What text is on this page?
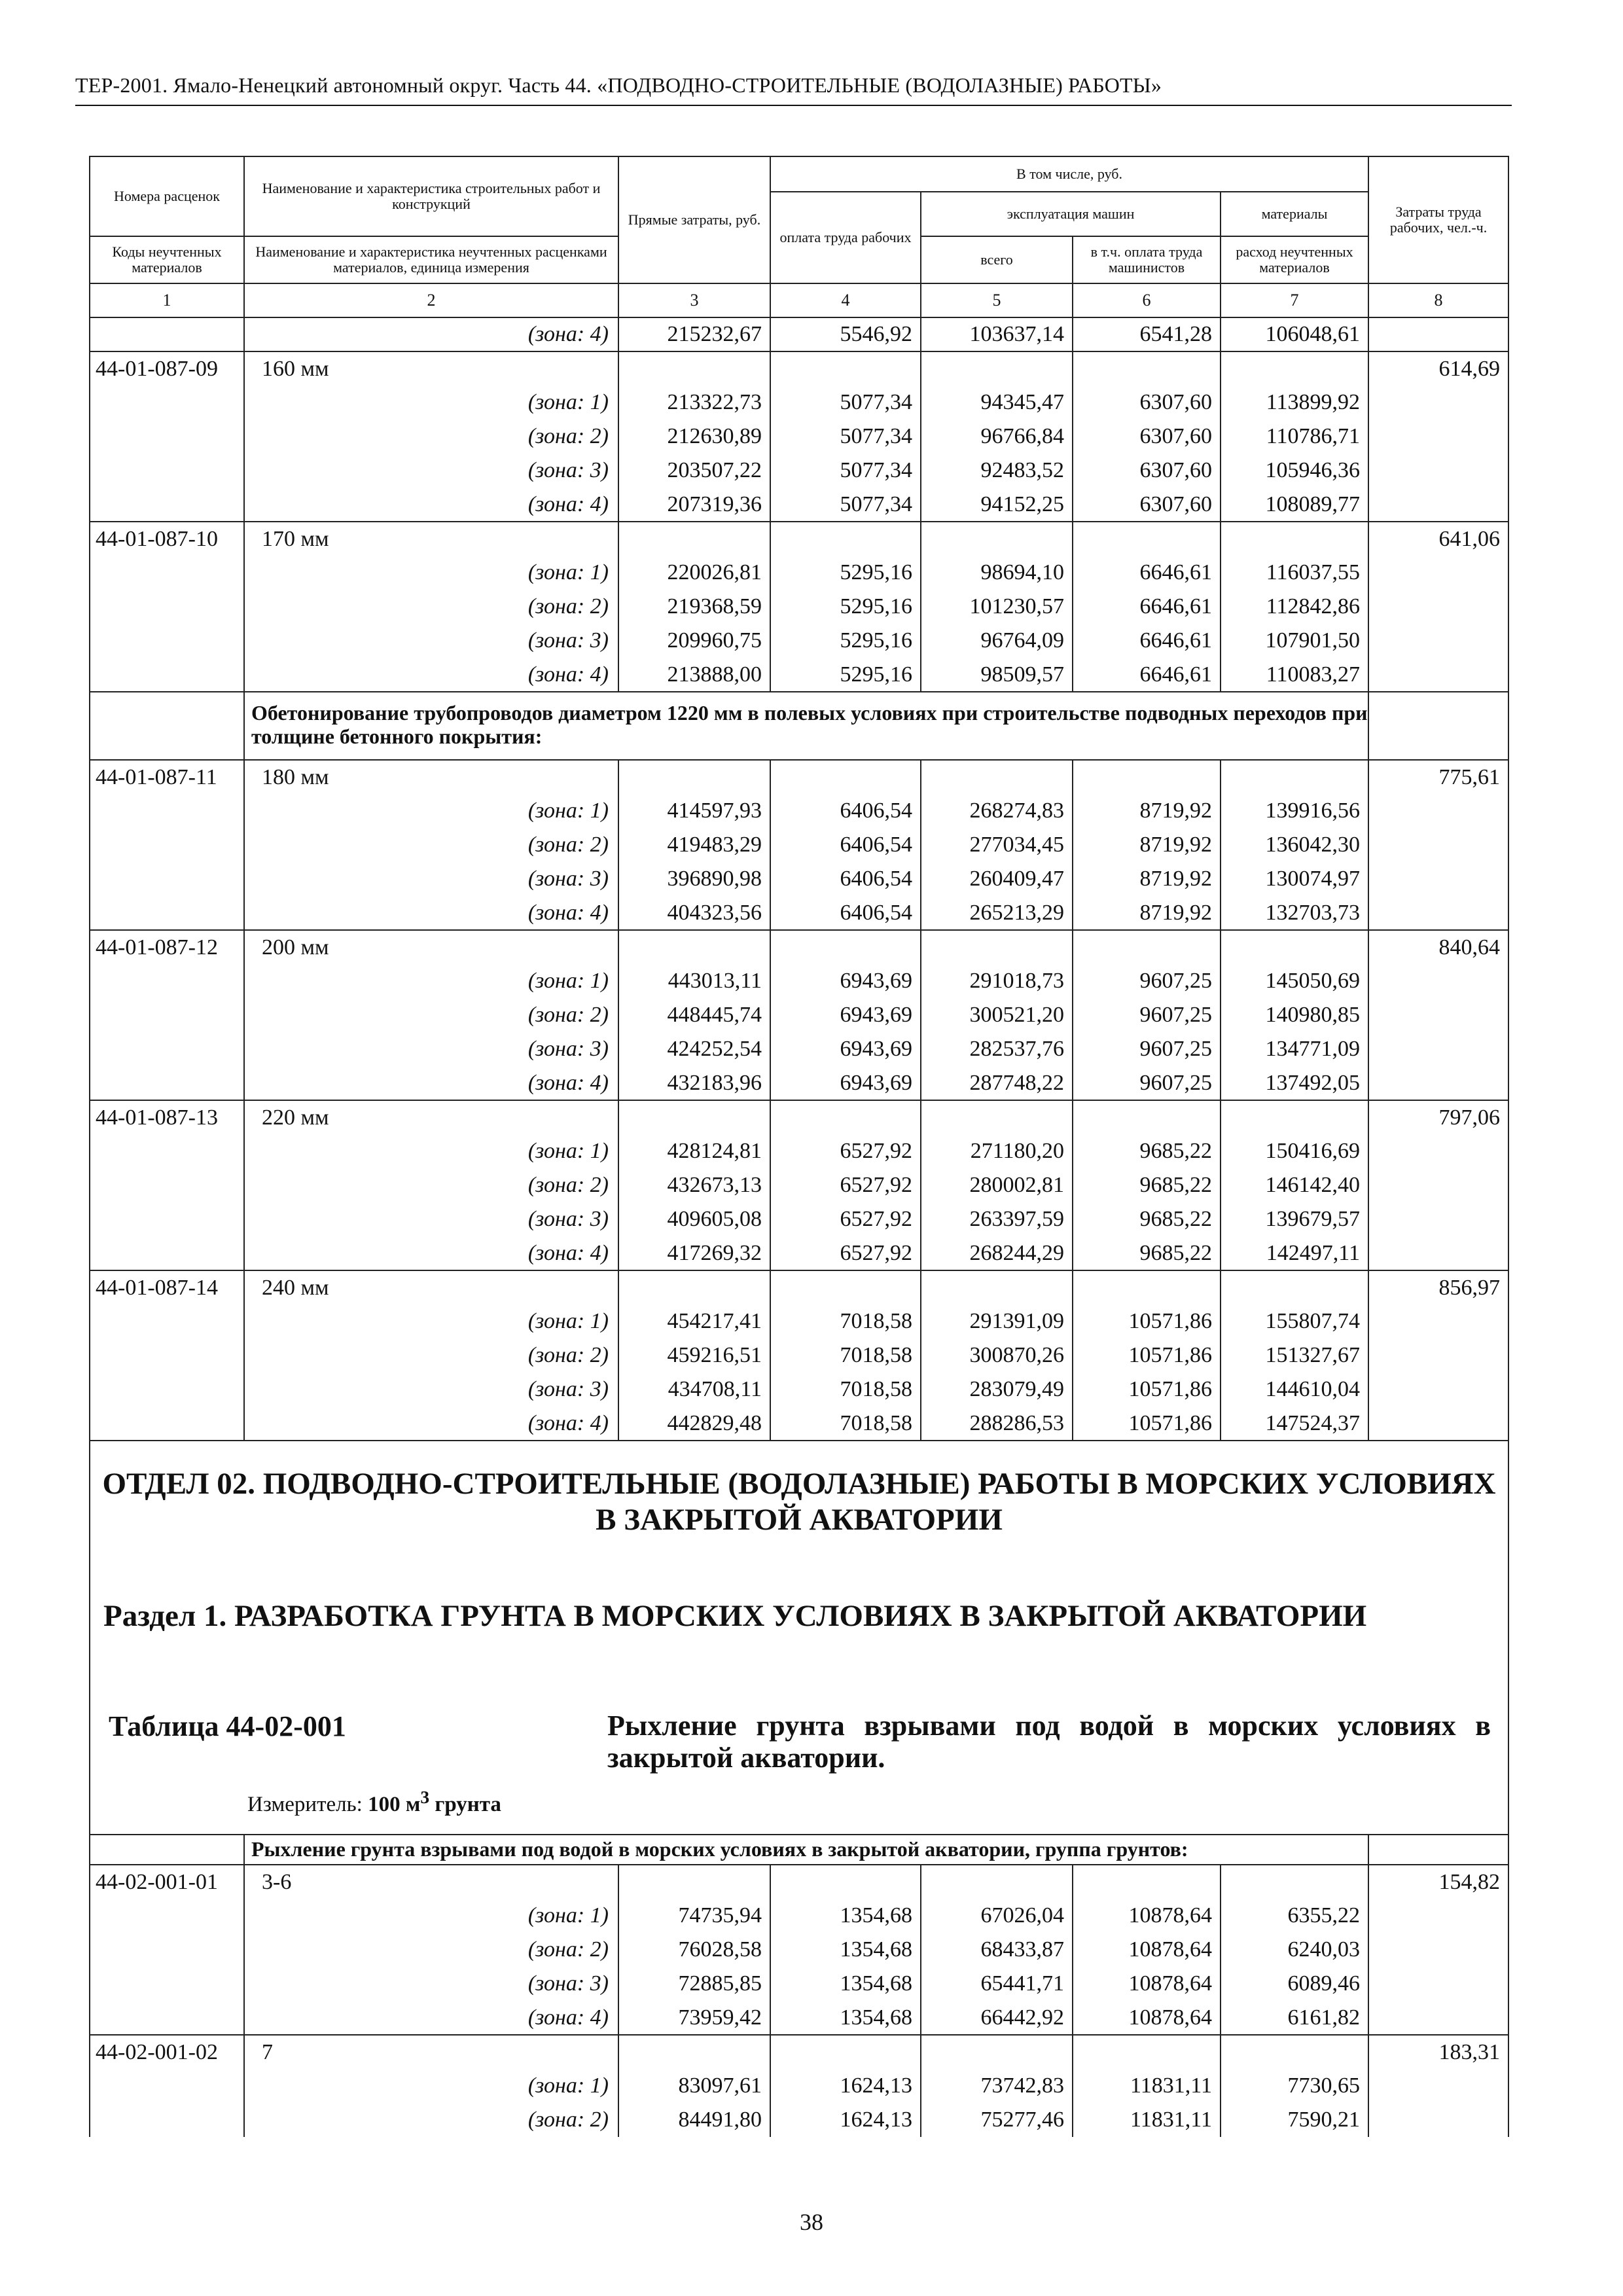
ТЕР-2001. Ямало-Ненецкий автономный округ. Часть 44. «ПОДВОДНО-СТРОИТЕЛЬНЫЕ (ВОДОЛАЗНЫЕ) РАБОТЫ»
Номера расценок	Наименование и характеристика строительных работ и конструкций	Прямые затраты, руб.	В том числе, руб.				Затраты труда рабочих, чел.-ч.
			оплата труда рабочих	эксплуатация машин		материалы	
Коды неучтенных материалов	Наименование и характеристика неучтенных расценками материалов, единица измерения			всего	в т.ч. оплата труда машинистов	расход неучтенных материалов	

1	2	3	4	5	6	7	8
	(зона: 4)	215232,67	5546,92	103637,14	6541,28	106048,61	
44-01-087-09	160 мм						614,69
	(зона: 1)	213322,73	5077,34	94345,47	6307,60	113899,92	
	(зона: 2)	212630,89	5077,34	96766,84	6307,60	110786,71	
	(зона: 3)	203507,22	5077,34	92483,52	6307,60	105946,36	
	(зона: 4)	207319,36	5077,34	94152,25	6307,60	108089,77	
44-01-087-10	170 мм						641,06
	(зона: 1)	220026,81	5295,16	98694,10	6646,61	116037,55	
	(зона: 2)	219368,59	5295,16	101230,57	6646,61	112842,86	
	(зона: 3)	209960,75	5295,16	96764,09	6646,61	107901,50	
	(зона: 4)	213888,00	5295,16	98509,57	6646,61	110083,27	
	Обетонирование трубопроводов диаметром 1220 мм в полевых условиях при строительстве подводных переходов при толщине бетонного покрытия:						
44-01-087-11	180 мм						775,61
	(зона: 1)	414597,93	6406,54	268274,83	8719,92	139916,56	
	(зона: 2)	419483,29	6406,54	277034,45	8719,92	136042,30	
	(зона: 3)	396890,98	6406,54	260409,47	8719,92	130074,97	
	(зона: 4)	404323,56	6406,54	265213,29	8719,92	132703,73	
44-01-087-12	200 мм						840,64
	(зона: 1)	443013,11	6943,69	291018,73	9607,25	145050,69	
	(зона: 2)	448445,74	6943,69	300521,20	9607,25	140980,85	
	(зона: 3)	424252,54	6943,69	282537,76	9607,25	134771,09	
	(зона: 4)	432183,96	6943,69	287748,22	9607,25	137492,05	
44-01-087-13	220 мм						797,06
	(зона: 1)	428124,81	6527,92	271180,20	9685,22	150416,69	
	(зона: 2)	432673,13	6527,92	280002,81	9685,22	146142,40	
	(зона: 3)	409605,08	6527,92	263397,59	9685,22	139679,57	
	(зона: 4)	417269,32	6527,92	268244,29	9685,22	142497,11	
44-01-087-14	240 мм						856,97
	(зона: 1)	454217,41	7018,58	291391,09	10571,86	155807,74	
	(зона: 2)	459216,51	7018,58	300870,26	10571,86	151327,67	
	(зона: 3)	434708,11	7018,58	283079,49	10571,86	144610,04	
	(зона: 4)	442829,48	7018,58	288286,53	10571,86	147524,37	

ОТДЕЛ 02. ПОДВОДНО-СТРОИТЕЛЬНЫЕ (ВОДОЛАЗНЫЕ) РАБОТЫ В МОРСКИХ УСЛОВИЯХ В ЗАКРЫТОЙ АКВАТОРИИ
Раздел 1. РАЗРАБОТКА ГРУНТА В МОРСКИХ УСЛОВИЯХ В ЗАКРЫТОЙ АКВАТОРИИ
Таблица 44-02-001 Рыхление грунта взрывами под водой в морских условиях в закрытой акватории.
Измеритель: 100 $м^3$ грунта							

	Рыхление грунта взрывами под водой в морских условиях в закрытой акватории, группа грунтов:						
44-02-001-01	3-6						154,82
	(зона: 1)	74735,94	1354,68	67026,04	10878,64	6355,22	
	(зона: 2)	76028,58	1354,68	68433,87	10878,64	6240,03	
	(зона: 3)	72885,85	1354,68	65441,71	10878,64	6089,46	
	(зона: 4)	73959,42	1354,68	66442,92	10878,64	6161,82	
44-02-001-02	7						183,31
	(зона: 1)	83097,61	1624,13	73742,83	11831,11	7730,65	
	(зона: 2)	84491,80	1624,13	75277,46	11831,11	7590,21	
38
